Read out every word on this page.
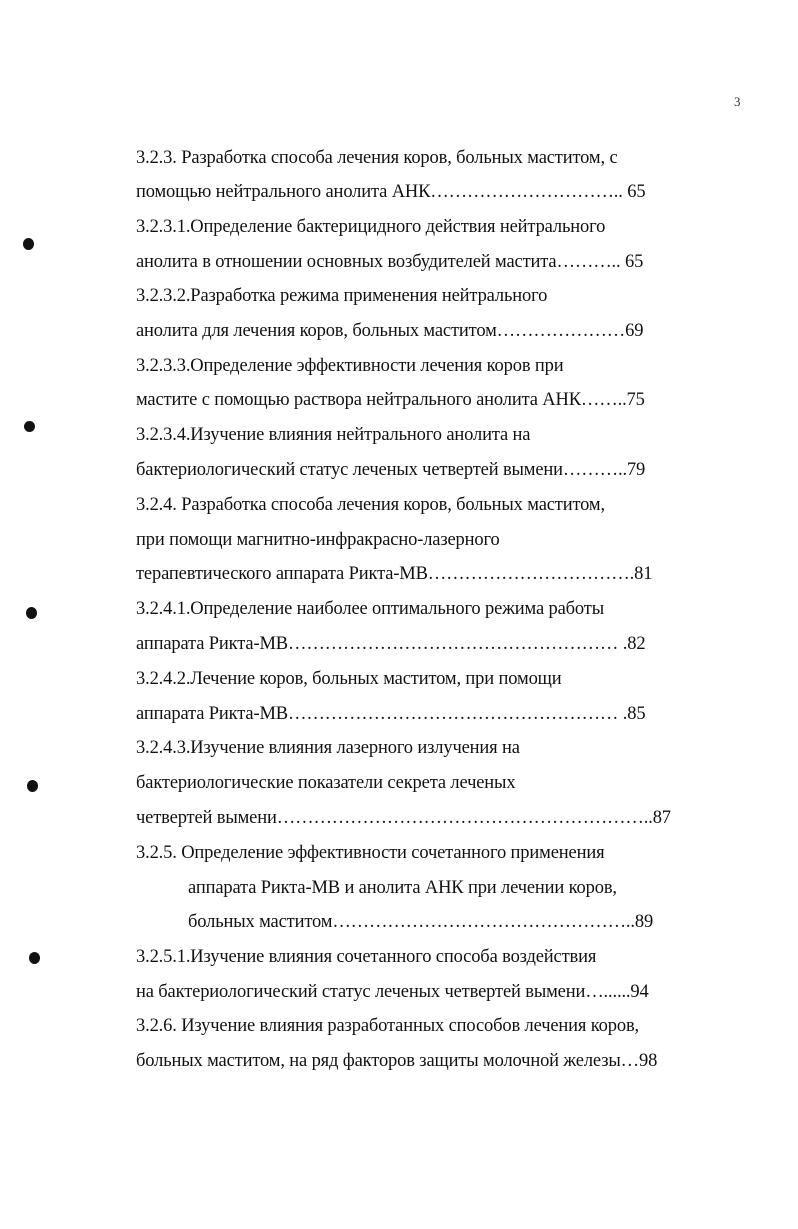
3
3.2.3. Разработка способа лечения коров, больных маститом, с
помощью нейтрального анолита АНК………………………….. 65
3.2.3.1.Определение бактерицидного действия нейтрального
анолита в отношении основных возбудителей мастита……….. 65
3.2.3.2.Разработка режима применения нейтрального
анолита для лечения коров, больных маститом…………………69
3.2.3.3.Определение эффективности лечения коров при
мастите с помощью раствора нейтрального анолита АНК……..75
3.2.3.4.Изучение влияния нейтрального анолита на
бактериологический статус леченых четвертей вымени………..79
3.2.4. Разработка способа лечения коров, больных маститом,
при помощи магнитно-инфракрасно-лазерного
терапевтического аппарата Рикта-МВ…………………………….81
3.2.4.1.Определение наиболее оптимального режима работы
аппарата Рикта-МВ……………………………………………… .82
3.2.4.2.Лечение коров, больных маститом, при помощи
аппарата Рикта-МВ……………………………………………… .85
3.2.4.3.Изучение влияния лазерного излучения на
бактериологические показатели секрета леченых
четвертей вымени……………………………………………………..87
3.2.5. Определение эффективности сочетанного применения
аппарата Рикта-МВ и анолита АНК при лечении коров,
больных маститом…………………………………………..89
3.2.5.1.Изучение влияния сочетанного способа воздействия
на бактериологический статус леченых четвертей вымени…......94
3.2.6. Изучение влияния разработанных способов лечения коров,
больных маститом, на ряд факторов защиты молочной железы…98
